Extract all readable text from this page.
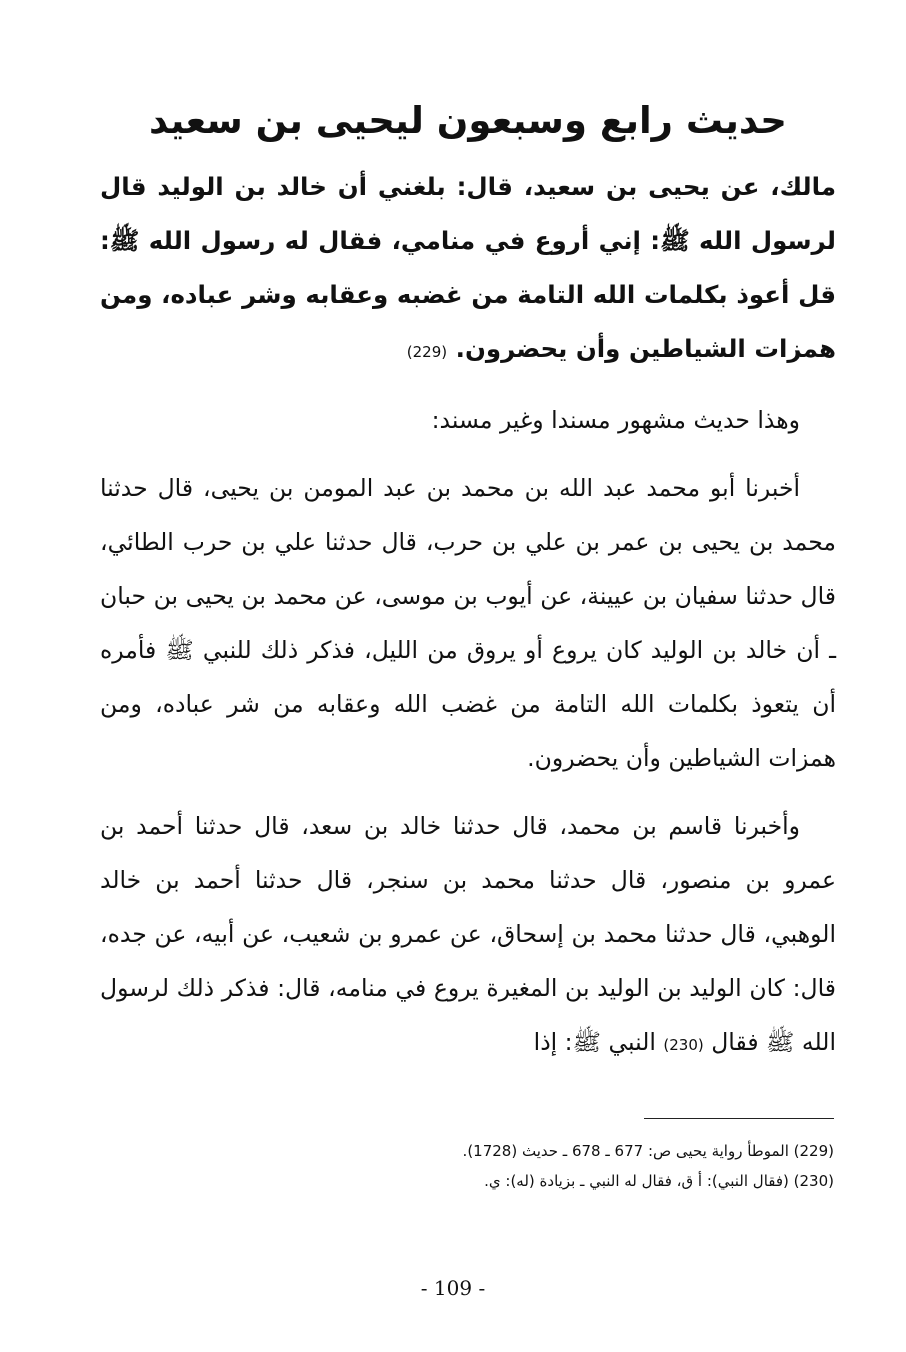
حديث رابع وسبعون ليحيى بن سعيد

مالك، عن يحيى بن سعيد، قال: بلغني أن خالد بن الوليد قال لرسول الله ﷺ: إني أروع في منامي، فقال له رسول الله ﷺ: قل أعوذ بكلمات الله التامة من غضبه وعقابه وشر عباده، ومن همزات الشياطين وأن يحضرون. (229)

وهذا حديث مشهور مسندا وغير مسند:

أخبرنا أبو محمد عبد الله بن محمد بن عبد المومن بن يحيى، قال حدثنا محمد بن يحيى بن عمر بن علي بن حرب، قال حدثنا علي بن حرب الطائي، قال حدثنا سفيان بن عيينة، عن أيوب بن موسى، عن محمد بن يحيى بن حبان ـ أن خالد بن الوليد كان يروع أو يروق من الليل، فذكر ذلك للنبي ﷺ فأمره أن يتعوذ بكلمات الله التامة من غضب الله وعقابه من شر عباده، ومن همزات الشياطين وأن يحضرون.

وأخبرنا قاسم بن محمد، قال حدثنا خالد بن سعد، قال حدثنا أحمد بن عمرو بن منصور، قال حدثنا محمد بن سنجر، قال حدثنا أحمد بن خالد الوهبي، قال حدثنا محمد بن إسحاق، عن عمرو بن شعيب، عن أبيه، عن جده، قال: كان الوليد بن الوليد بن المغيرة يروع في منامه، قال: فذكر ذلك لرسول الله ﷺ فقال (230) النبي ﷺ: إذا

(229) الموطأ رواية يحيى ص: 677 ـ 678 ـ حديث (1728).

(230) (فقال النبي): أ ق، فقال له النبي ـ بزيادة (له): ي.

- 109 -
